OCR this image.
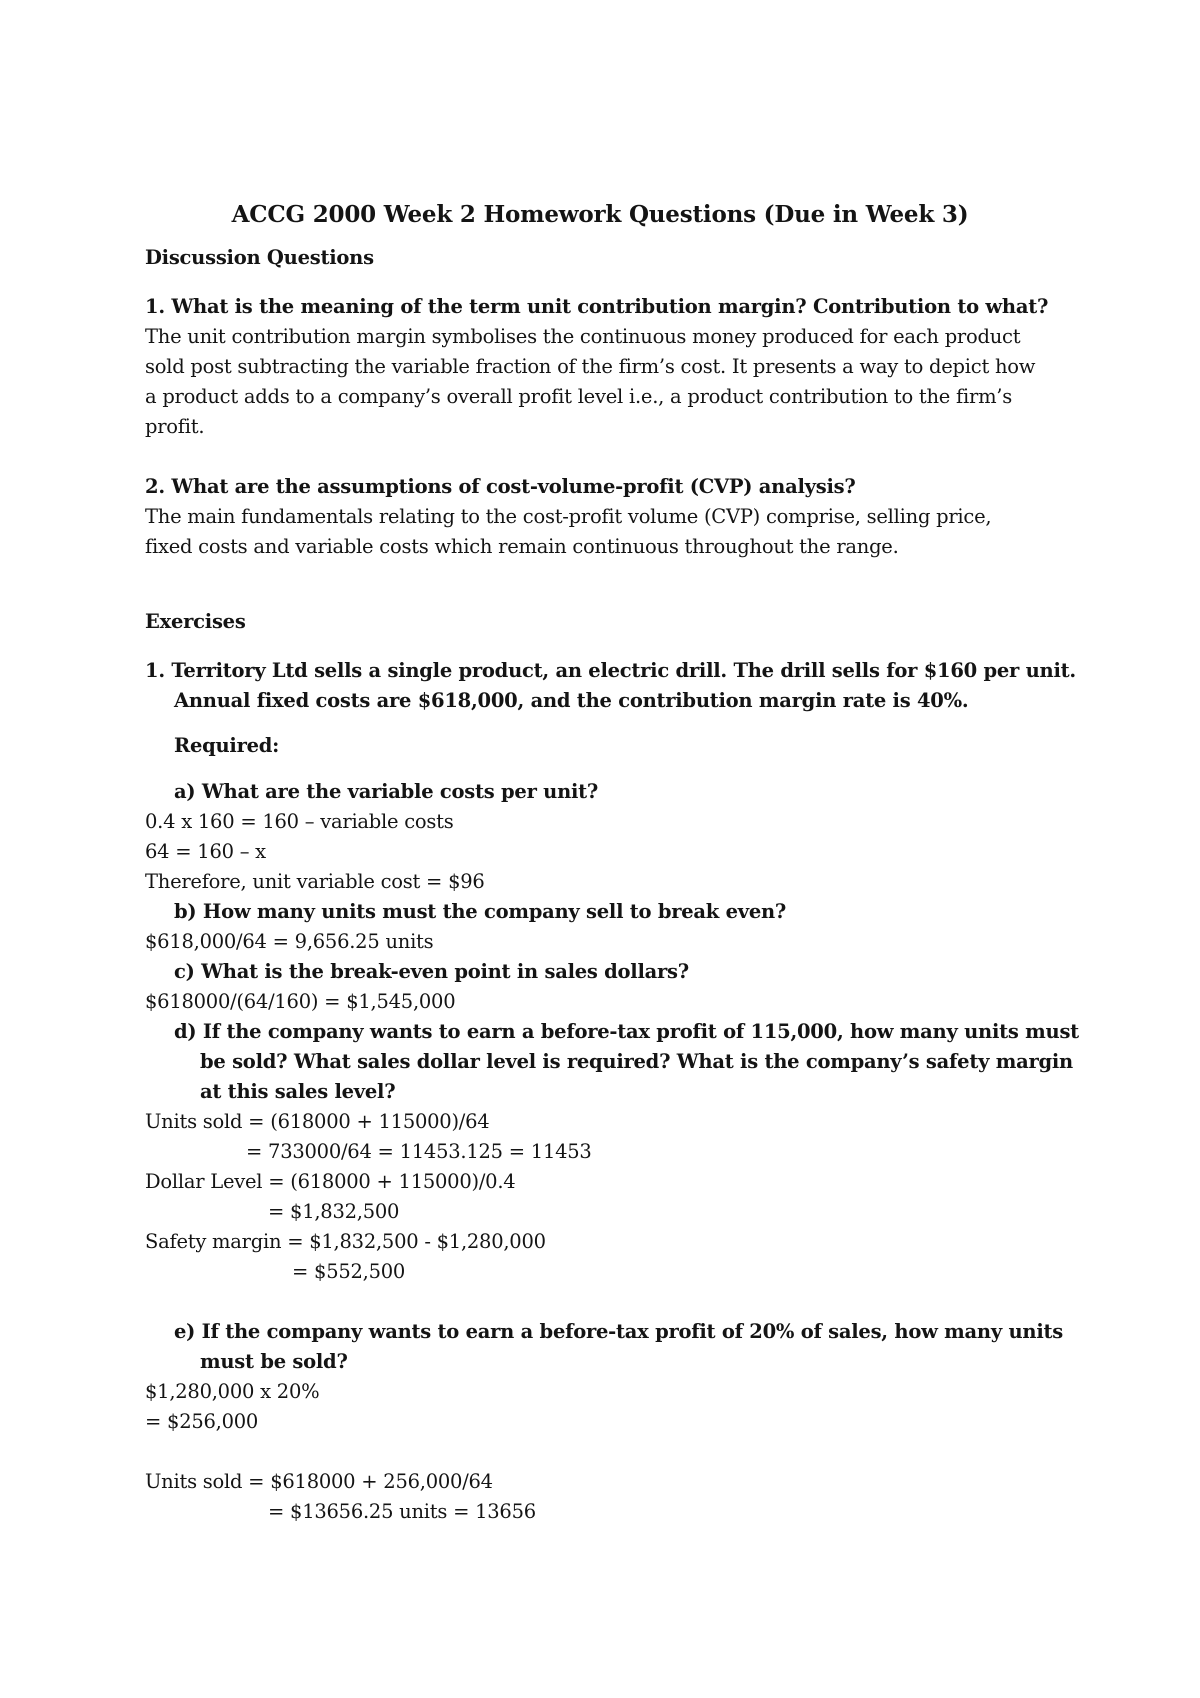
ACCG 2000 Week 2 Homework Questions (Due in Week 3)
Discussion Questions
1. What is the meaning of the term unit contribution margin? Contribution to what?
The unit contribution margin symbolises the continuous money produced for each product
sold post subtracting the variable fraction of the firm’s cost. It presents a way to depict how
a product adds to a company’s overall profit level i.e., a product contribution to the firm’s
profit.
2. What are the assumptions of cost-volume-profit (CVP) analysis?
The main fundamentals relating to the cost-profit volume (CVP) comprise, selling price,
fixed costs and variable costs which remain continuous throughout the range.
Exercises
1. Territory Ltd sells a single product, an electric drill. The drill sells for $160 per unit.
Annual fixed costs are $618,000, and the contribution margin rate is 40%.
Required:
a) What are the variable costs per unit?
0.4 x 160 = 160 – variable costs
64 = 160 – x
Therefore, unit variable cost = $96
b) How many units must the company sell to break even?
$618,000/64 = 9,656.25 units
c) What is the break-even point in sales dollars?
$618000/(64/160) = $1,545,000
d) If the company wants to earn a before-tax profit of 115,000, how many units must
be sold? What sales dollar level is required? What is the company’s safety margin
at this sales level?
Units sold = (618000 + 115000)/64
= 733000/64 = 11453.125 = 11453
Dollar Level = (618000 + 115000)/0.4
= $1,832,500
Safety margin = $1,832,500 - $1,280,000
= $552,500
e) If the company wants to earn a before-tax profit of 20% of sales, how many units
must be sold?
$1,280,000 x 20%
= $256,000
Units sold = $618000 + 256,000/64
= $13656.25 units = 13656
